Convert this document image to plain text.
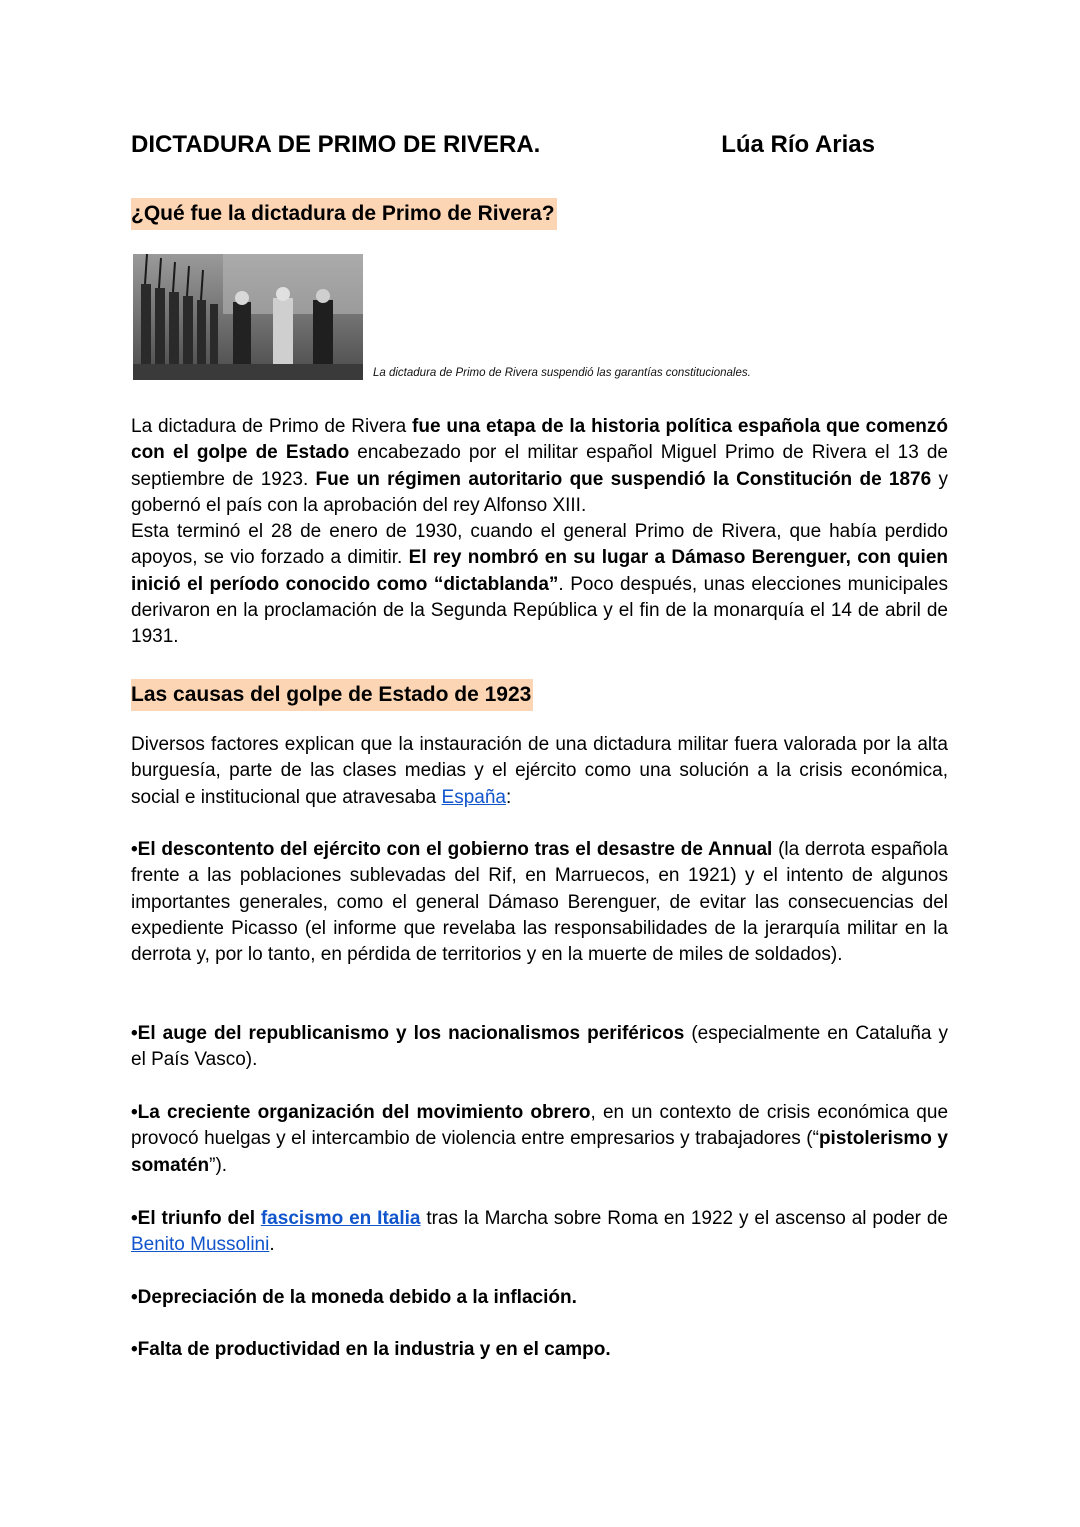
DICTADURA DE PRIMO DE RIVERA.	Lúa Río Arias
¿Qué fue la dictadura de Primo de Rivera?
La dictadura de Primo de Rivera suspendió las garantías constitucionales.

La dictadura de Primo de Rivera fue una etapa de la historia política española que comenzó con el golpe de Estado encabezado por el militar español Miguel Primo de Rivera el 13 de septiembre de 1923. Fue un régimen autoritario que suspendió la Constitución de 1876 y gobernó el país con la aprobación del rey Alfonso XIII.

Esta terminó el 28 de enero de 1930, cuando el general Primo de Rivera, que había perdido apoyos, se vio forzado a dimitir. El rey nombró en su lugar a Dámaso Berenguer, con quien inició el período conocido como “dictablanda”. Poco después, unas elecciones municipales derivaron en la proclamación de la Segunda República y el fin de la monarquía el 14 de abril de 1931.

Las causas del golpe de Estado de 1923

Diversos factores explican que la instauración de una dictadura militar fuera valorada por la alta burguesía, parte de las clases medias y el ejército como una solución a la crisis económica, social e institucional que atravesaba España:

•El descontento del ejército con el gobierno tras el desastre de Annual (la derrota española frente a las poblaciones sublevadas del Rif, en Marruecos, en 1921) y el intento de algunos importantes generales, como el general Dámaso Berenguer, de evitar las consecuencias del expediente Picasso (el informe que revelaba las responsabilidades de la jerarquía militar en la derrota y, por lo tanto, en pérdida de territorios y en la muerte de miles de soldados).

•El auge del republicanismo y los nacionalismos periféricos (especialmente en Cataluña y el País Vasco).

•La creciente organización del movimiento obrero, en un contexto de crisis económica que provocó huelgas y el intercambio de violencia entre empresarios y trabajadores (“pistolerismo y somatén”).

•El triunfo del fascismo en Italia tras la Marcha sobre Roma en 1922 y el ascenso al poder de Benito Mussolini.

•Depreciación de la moneda debido a la inflación.

•Falta de productividad en la industria y en el campo.
